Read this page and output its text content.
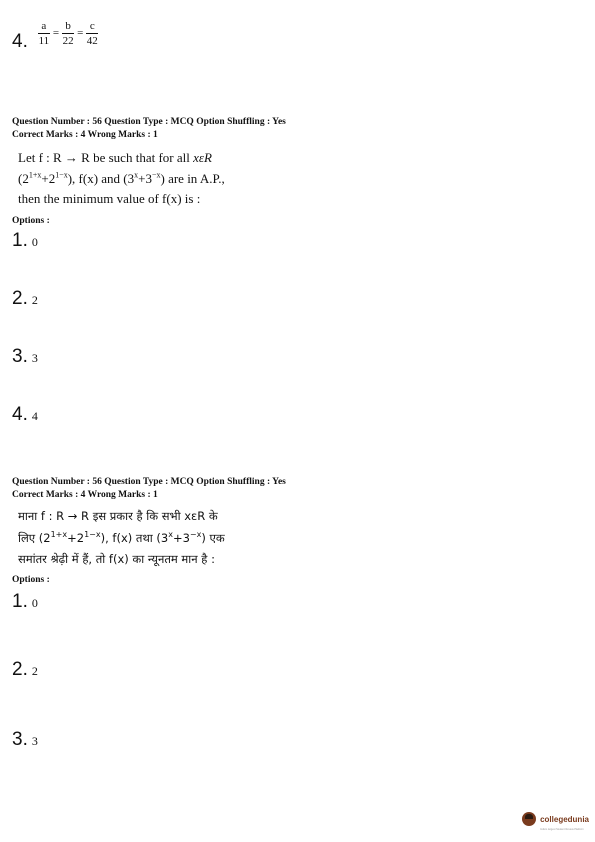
4. $\frac{a}{11} = \frac{b}{22} = \frac{c}{42}$
Question Number : 56 Question Type : MCQ Option Shuffling : Yes
Correct Marks : 4 Wrong Marks : 1
Let f : R → R be such that for all xεR
$(2^{1+x}+2^{1-x})$, f(x) and $(3^x+3^{-x})$ are in A.P.,
then the minimum value of f(x) is :
Options :
1. 0
2. 2
3. 3
4. 4
Question Number : 56 Question Type : MCQ Option Shuffling : Yes
Correct Marks : 4 Wrong Marks : 1
माना f : R → R इस प्रकार है कि सभी xεR के
लिए $(2^{1+x}+2^{1-x})$, f(x) तथा $(3^x+3^{-x})$ एक
समांतर श्रेढ़ी में हैं, तो f(x) का न्यूनतम मान है :
Options :
1. 0
2. 2
3. 3
collegedunia
India's largest Student Review Platform
